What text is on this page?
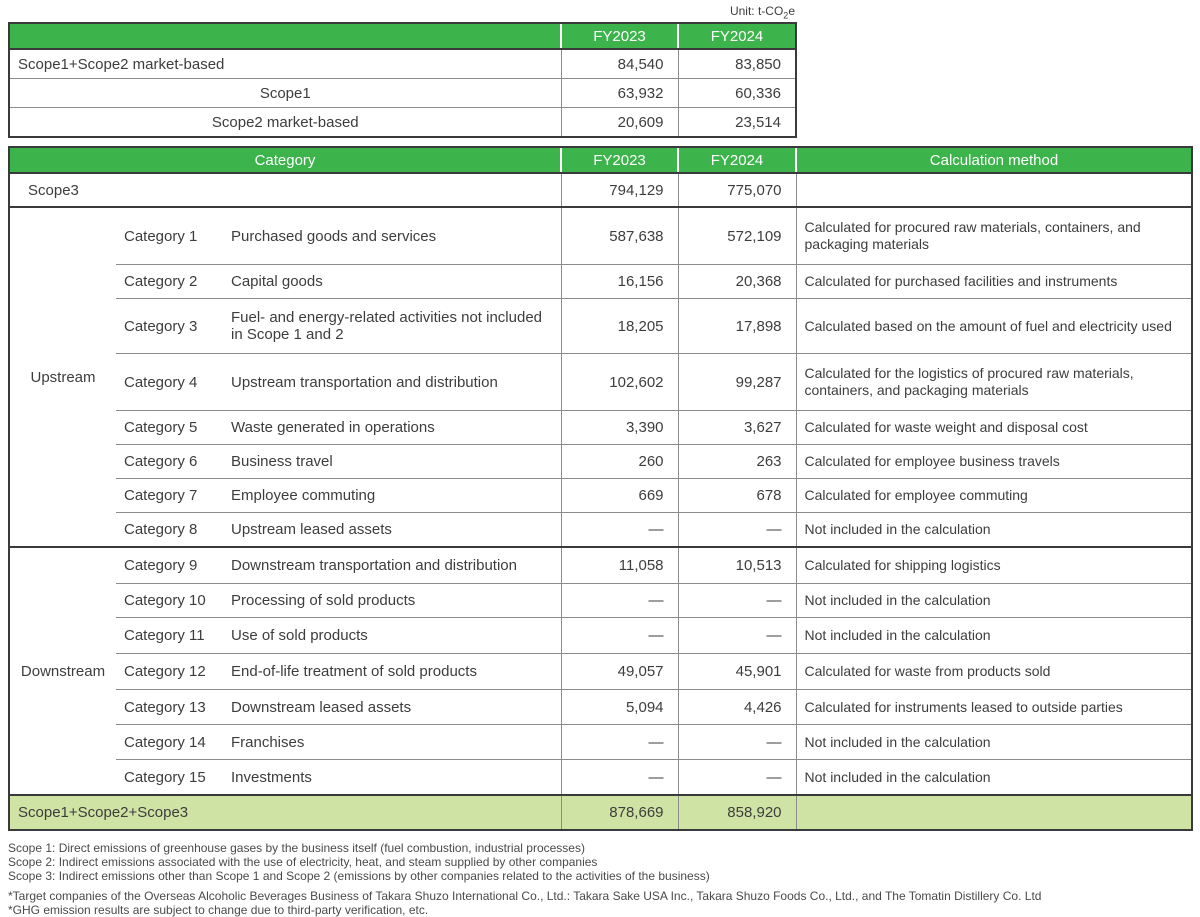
Unit: $t-CO_2e$
	FY2023	FY2024
Scope1+Scope2 market-based	84,540	83,850
Scope1	63,932	60,336
Scope2 market-based	20,609	23,514
Category			FY2023	FY2024	Calculation method
Scope3			794,129	775,070	
Upstream	Category 1	Purchased goods and services	587,638	572,109	Calculated for procured raw materials, containers, and packaging materials
	Category 2	Capital goods	16,156	20,368	Calculated for purchased facilities and instruments
	Category 3	Fuel- and energy-related activities not included in Scope 1 and 2	18,205	17,898	Calculated based on the amount of fuel and electricity used
	Category 4	Upstream transportation and distribution	102,602	99,287	Calculated for the logistics of procured raw materials, containers, and packaging materials
	Category 5	Waste generated in operations	3,390	3,627	Calculated for waste weight and disposal cost
	Category 6	Business travel	260	263	Calculated for employee business travels
	Category 7	Employee commuting	669	678	Calculated for employee commuting
	Category 8	Upstream leased assets	—	—	Not included in the calculation
Downstream	Category 9	Downstream transportation and distribution	11,058	10,513	Calculated for shipping logistics
	Category 10	Processing of sold products	—	—	Not included in the calculation
	Category 11	Use of sold products	—	—	Not included in the calculation
	Category 12	End-of-life treatment of sold products	49,057	45,901	Calculated for waste from products sold
	Category 13	Downstream leased assets	5,094	4,426	Calculated for instruments leased to outside parties
	Category 14	Franchises	—	—	Not included in the calculation
	Category 15	Investments	—	—	Not included in the calculation
Scope1+Scope2+Scope3			878,669	858,920	
Scope 1: Direct emissions of greenhouse gases by the business itself (fuel combustion, industrial processes)
Scope 2: Indirect emissions associated with the use of electricity, heat, and steam supplied by other companies
Scope 3: Indirect emissions other than Scope 1 and Scope 2 (emissions by other companies related to the activities of the business)
*Target companies of the Overseas Alcoholic Beverages Business of Takara Shuzo International Co., Ltd.: Takara Sake USA Inc., Takara Shuzo Foods Co., Ltd., and The Tomatin Distillery Co. Ltd
*GHG emission results are subject to change due to third-party verification, etc.
